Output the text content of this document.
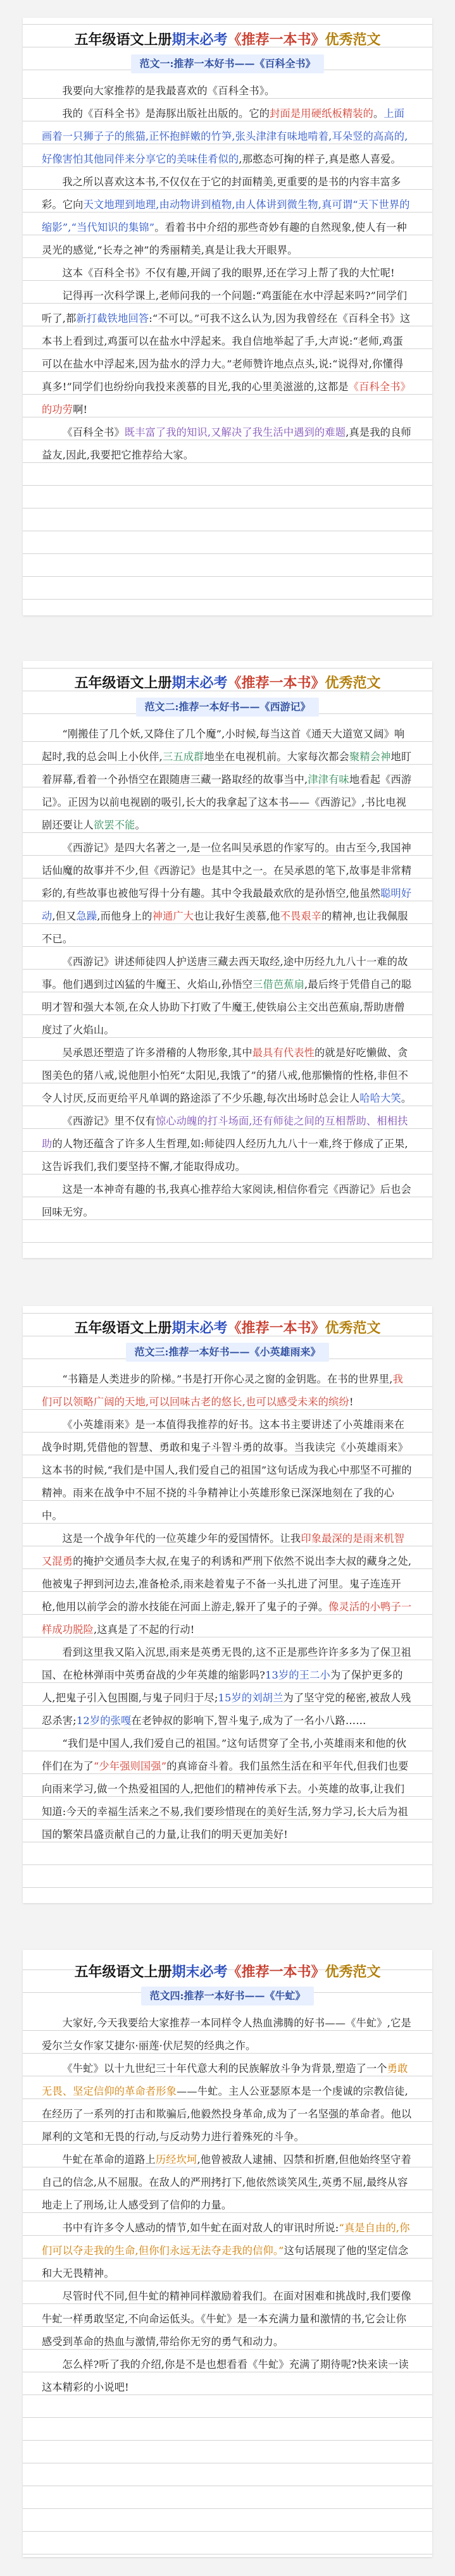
五年级语文上册期末必考《推荐一本书》优秀范文
范文一:推荐一本好书——《百科全书》

我要向大家推荐的是我最喜欢的《百科全书》。

我的《百科全书》是海豚出版社出版的。它的封面是用硬纸板精装的。上面画着一只狮子子的熊猫,正怀抱鲜嫩的竹笋,张头津津有味地啃着,耳朵竖的高高的,好像害怕其他同伴来分享它的美味佳肴似的,那憨态可掬的样子,真是憨人喜爱。

我之所以喜欢这本书,不仅仅在于它的封面精美,更重要的是书的内容丰富多彩。它向天文地理到地理,由动物讲到植物,由人体讲到微生物,真可谓“天下世界的缩影”,“当代知识的集锦”。看着书中介绍的那些奇妙有趣的自然现象,使人有一种灵光的感觉,“长寿之神”的秀丽精美,真是让我大开眼界。

这本《百科全书》不仅有趣,开阔了我的眼界,还在学习上帮了我的大忙呢!

记得再一次科学课上,老师问我的一个问题:“鸡蛋能在水中浮起来吗?”同学们听了,都新打截铁地回答:“不可以。”可我不这么认为,因为我曾经在《百科全书》这本书上看到过,鸡蛋可以在盐水中浮起来。我自信地举起了手,大声说:“老师,鸡蛋可以在盐水中浮起来,因为盐水的浮力大。”老师赞许地点点头,说:“说得对,你懂得真多!”同学们也纷纷向我投来羡慕的目光,我的心里美滋滋的,这都是《百科全书》的功劳啊!

《百科全书》既丰富了我的知识,又解决了我生活中遇到的难题,真是我的良师益友,因此,我要把它推荐给大家。

五年级语文上册期末必考《推荐一本书》优秀范文
范文二:推荐一本好书——《西游记》

“刚搬佳了几个妖,又降住了几个魔”,小时候,每当这首《通天大道宽又阔》响起时,我的总会叫上小伙伴,三五成群地坐在电视机前。大家每次都会聚精会神地盯着屏幕,看着一个孙悟空在跟随唐三藏一路取经的故事当中,津津有味地看起《西游记》。正因为以前电视剧的吸引,长大的我拿起了这本书——《西游记》,书比电视剧还要让人欲罢不能。

《西游记》是四大名著之一,是一位名叫吴承恩的作家写的。由古至今,我国神话仙魔的故事并不少,但《西游记》也是其中之一。在吴承恩的笔下,故事是非常精彩的,有些故事也被他写得十分有趣。其中令我最最欢欣的是孙悟空,他虽然聪明好动,但又急躁,而他身上的神通广大也让我好生羡慕,他不畏艰辛的精神,也让我佩服不已。

《西游记》讲述师徒四人护送唐三藏去西天取经,途中历经九九八十一难的故事。他们遇到过凶猛的牛魔王、火焰山,孙悟空三借芭蕉扇,最后终于凭借自己的聪明才智和强大本领,在众人协助下打败了牛魔王,使铁扇公主交出芭蕉扇,帮助唐僧度过了火焰山。

吴承恩还塑造了许多滑稽的人物形象,其中最具有代表性的就是好吃懒做、贪图美色的猪八戒,说他胆小怕死“太阳见,我饿了”的猪八戒,他那懒惰的性格,非但不令人讨厌,反而更给平凡单调的路途添了不少乐趣,每次出场时总会让人哈哈大笑。

《西游记》里不仅有惊心动魄的打斗场面,还有师徒之间的互相帮助、相相扶助的人物还蕴含了许多人生哲理,如:师徒四人经历九九八十一难,终于修成了正果,这告诉我们,我们要坚持不懈,才能取得成功。

这是一本神奇有趣的书,我真心推荐给大家阅读,相信你看完《西游记》后也会回味无穷。

五年级语文上册期末必考《推荐一本书》优秀范文
范文三:推荐一本好书——《小英雄雨来》

“书籍是人类进步的阶梯。”书是打开你心灵之窗的金钥匙。在书的世界里,我们可以领略广阔的天地,可以回味古老的悠长,也可以感受未来的缤纷!

《小英雄雨来》是一本值得我推荐的好书。这本书主要讲述了小英雄雨来在战争时期,凭借他的智慧、勇敢和鬼子斗智斗勇的故事。当我读完《小英雄雨来》这本书的时候,“我们是中国人,我们爱自己的祖国”这句话成为我心中那坚不可摧的精神。雨来在战争中不屈不挠的斗争精神让小英雄形象已深深地刻在了我的心中。

这是一个战争年代的一位英雄少年的爱国情怀。让我印象最深的是雨来机智又混勇的掩护交通员李大叔,在鬼子的利诱和严刑下依然不说出李大叔的藏身之处,他被鬼子押到河边去,准备枪杀,雨来趁着鬼子不备一头扎进了河里。鬼子连连开枪,他用以前学会的游水技能在河面上游走,躲开了鬼子的子弹。像灵活的小鸭子一样成功脱险,这真是了不起的行动!

看到这里我又陷入沉思,雨来是英勇无畏的,这不正是那些许许多多为了保卫祖国、在枪林弹雨中英勇奋战的少年英雄的缩影吗?13岁的王二小为了保护更多的人,把鬼子引入包围圈,与鬼子同归于尽;15岁的刘胡兰为了坚守党的秘密,被敌人残忍杀害;12岁的张嘎在老钟叔的影响下,智斗鬼子,成为了一名小八路……

“我们是中国人,我们爱自己的祖国。”这句话贯穿了全书,小英雄雨来和他的伙伴们在为了“少年强则国强”的真谛奋斗着。我们虽然生活在和平年代,但我们也要向雨来学习,做一个热爱祖国的人,把他们的精神传承下去。小英雄的故事,让我们知道:今天的幸福生活来之不易,我们要珍惜现在的美好生活,努力学习,长大后为祖国的繁荣昌盛贡献自己的力量,让我们的明天更加美好!

五年级语文上册期末必考《推荐一本书》优秀范文
范文四:推荐一本好书——《牛虻》

大家好,今天我要给大家推荐一本同样令人热血沸腾的好书——《牛虻》,它是爱尔兰女作家艾捷尔·丽莲·伏尼契的经典之作。

《牛虻》以十九世纪三十年代意大利的民族解放斗争为背景,塑造了一个勇敢无畏、坚定信仰的革命者形象——牛虻。主人公亚瑟原本是一个虔诚的宗教信徒,在经历了一系列的打击和欺骗后,他毅然投身革命,成为了一名坚强的革命者。他以犀利的文笔和无畏的行动,与反动势力进行着殊死的斗争。

牛虻在革命的道路上历经坎坷,他曾被敌人逮捕、囚禁和折磨,但他始终坚守着自己的信念,从不屈服。在敌人的严刑拷打下,他依然谈笑风生,英勇不屈,最终从容地走上了刑场,让人感受到了信仰的力量。

书中有许多令人感动的情节,如牛虻在面对敌人的审讯时所说:“真是自由的,你们可以夺走我的生命,但你们永远无法夺走我的信仰。”这句话展现了他的坚定信念和大无畏精神。

尽管时代不同,但牛虻的精神同样激励着我们。在面对困难和挑战时,我们要像牛虻一样勇敢坚定,不向命运低头。《牛虻》是一本充满力量和激情的书,它会让你感受到革命的热血与激情,带给你无穷的勇气和动力。

怎么样?听了我的介绍,你是不是也想看看《牛虻》充满了期待呢?快来读一读这本精彩的小说吧!
